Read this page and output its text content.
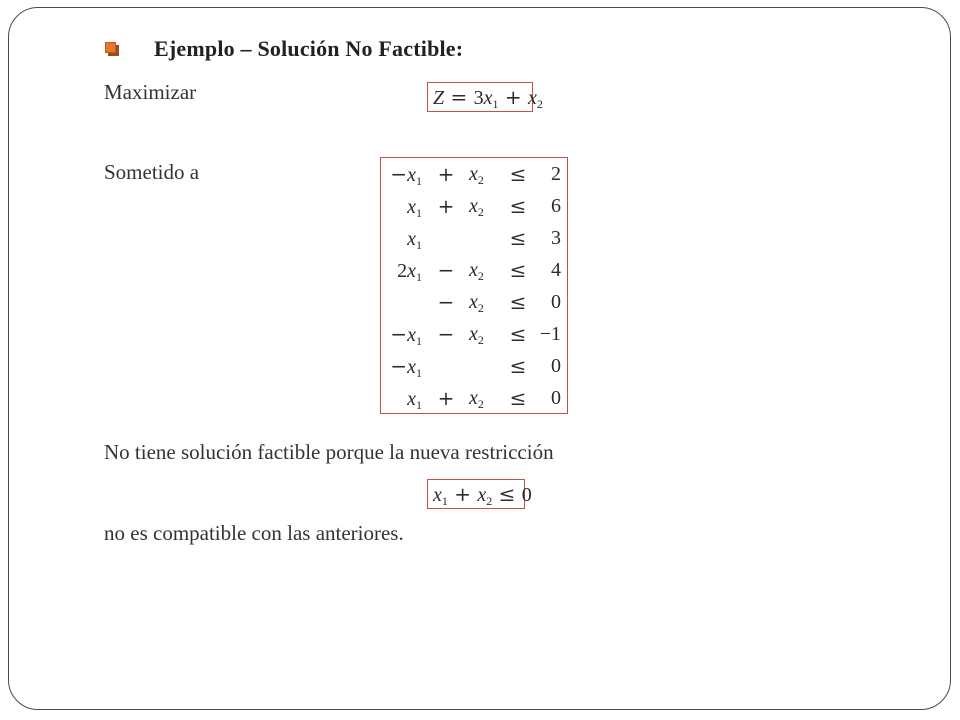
Ejemplo – Solución No Factible:
Maximizar	$Z = 3x_1 + x_2$
Sometido a	$-x_1 + x_2 \le 2$
$x_1 + x_2 \le 6$
$x_1$	≤ 3
$2x_1 - x_2 \le 4$
− $x_2 \le 0$
$-x_1 - x_2 \le -1$
$-x_1$	≤ 0
$x_1 + x_2 \le 0$
No tiene solución factible porque la nueva restricción
$x_1 + x_2 \le 0$
no es compatible con las anteriores.
